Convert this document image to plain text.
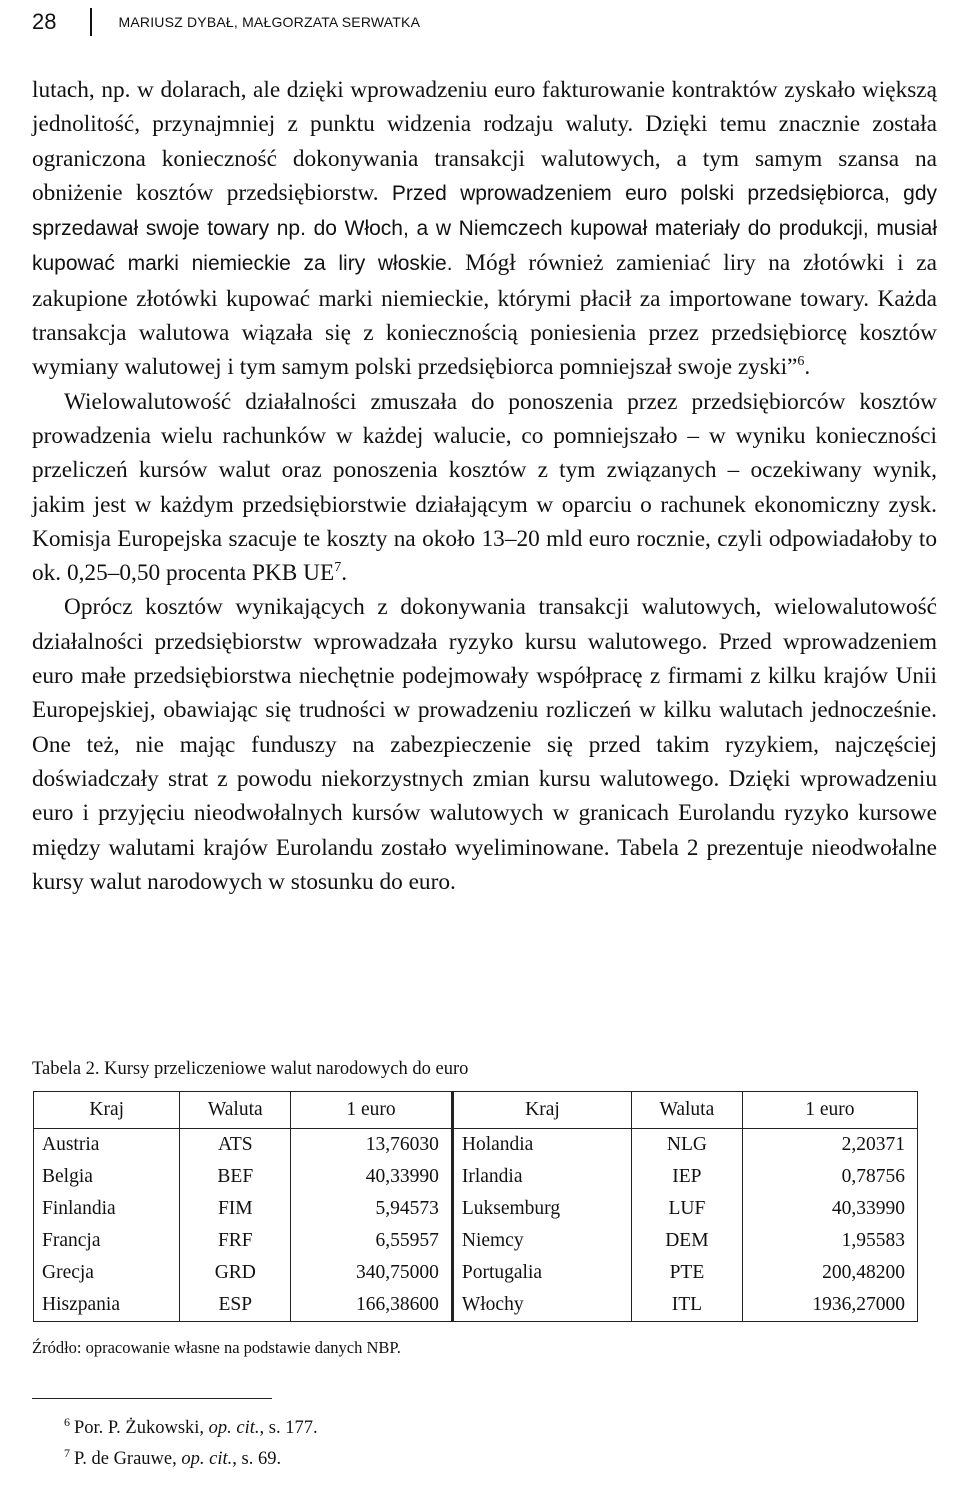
28	MARIUSZ DYBAŁ, MAŁGORZATA SERWATKA

lutach, np. w dolarach, ale dzięki wprowadzeniu euro fakturowanie kontraktów zyskało większą jednolitość, przynajmniej z punktu widzenia rodzaju waluty. Dzięki temu znacznie została ograniczona konieczność dokonywania transakcji walutowych, a tym samym szansa na obniżenie kosztów przedsiębiorstw. Przed wprowadzeniem euro polski przedsiębiorca, gdy sprzedawał swoje towary np. do Włoch, a w Niemczech kupował materiały do produkcji, musiał kupować marki niemieckie za liry włoskie. Mógł również zamieniać liry na złotówki i za zakupione złotówki kupować marki niemieckie, którymi płacił za importowane towary. Każda transakcja walutowa wiązała się z koniecznością poniesienia przez przedsiębiorcę kosztów wymiany walutowej i tym samym polski przedsiębiorca pomniejszał swoje zyski”$^6$.

Wielowalutowość działalności zmuszała do ponoszenia przez przedsiębiorców kosztów prowadzenia wielu rachunków w każdej walucie, co pomniejszało – w wyniku konieczności przeliczeń kursów walut oraz ponoszenia kosztów z tym związanych – oczekiwany wynik, jakim jest w każdym przedsiębiorstwie działającym w oparciu o rachunek ekonomiczny zysk. Komisja Europejska szacuje te koszty na około 13–20 mld euro rocznie, czyli odpowiadałoby to ok. 0,25–0,50 procenta PKB $UE^7$.

Oprócz kosztów wynikających z dokonywania transakcji walutowych, wielowalutowość działalności przedsiębiorstw wprowadzała ryzyko kursu walutowego. Przed wprowadzeniem euro małe przedsiębiorstwa niechętnie podejmowały współpracę z firmami z kilku krajów Unii Europejskiej, obawiając się trudności w prowadzeniu rozliczeń w kilku walutach jednocześnie. One też, nie mając funduszy na zabezpieczenie się przed takim ryzykiem, najczęściej doświadczały strat z powodu niekorzystnych zmian kursu walutowego. Dzięki wprowadzeniu euro i przyjęciu nieodwołalnych kursów walutowych w granicach Eurolandu ryzyko kursowe między walutami krajów Eurolandu zostało wyeliminowane. Tabela 2 prezentuje nieodwołalne kursy walut narodowych w stosunku do euro.

Tabela 2. Kursy przeliczeniowe walut narodowych do euro
Kraj	Waluta	1 euro	Kraj	Waluta	1 euro
Austria	ATS	13,76030	Holandia	NLG	2,20371
Belgia	BEF	40,33990	Irlandia	IEP	0,78756
Finlandia	FIM	5,94573	Luksemburg	LUF	40,33990
Francja	FRF	6,55957	Niemcy	DEM	1,95583
Grecja	GRD	340,75000	Portugalia	PTE	200,48200
Hiszpania	ESP	166,38600	Włochy	ITL	1936,27000
Źródło: opracowanie własne na podstawie danych NBP.
$^6$ Por. P. Żukowski, op. cit., s. 177.
$^7$ P. de Grauwe, op. cit., s. 69.
